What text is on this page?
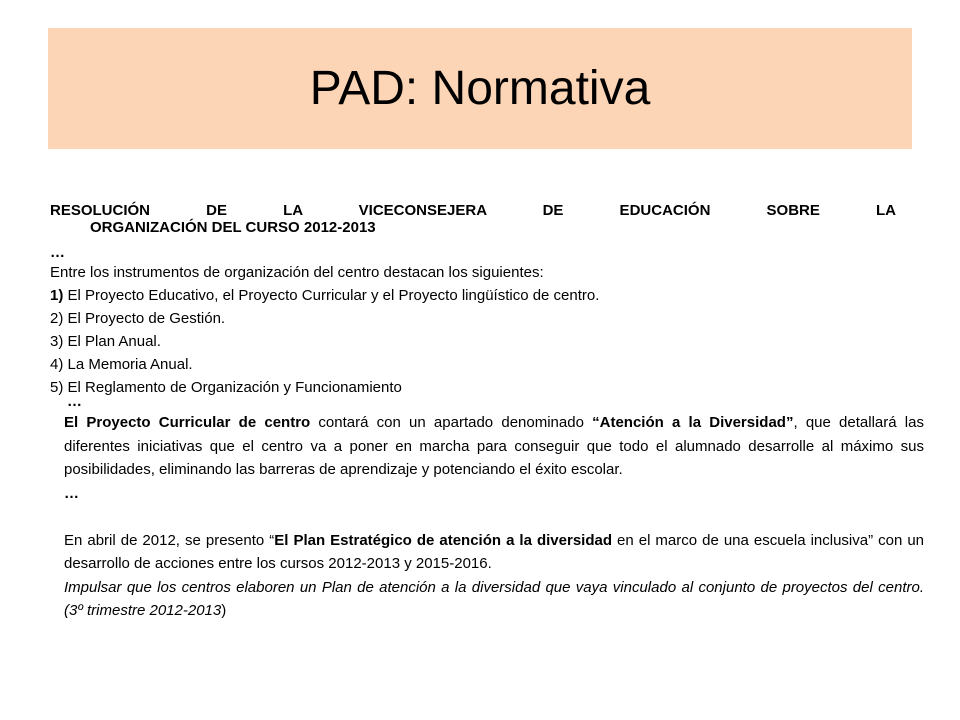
PAD: Normativa

RESOLUCIÓN DE LA VICECONSEJERA DE EDUCACIÓN SOBRE LA

ORGANIZACIÓN DEL CURSO 2012-2013

…

Entre los instrumentos de organización del centro destacan los siguientes:

1) El Proyecto Educativo, el Proyecto Curricular y el Proyecto lingüístico de centro.

2) El Proyecto de Gestión.

3) El Plan Anual.

4) La Memoria Anual.

5) El Reglamento de Organización y Funcionamiento

…

El Proyecto Curricular de centro contará con un apartado denominado “Atención a la Diversidad”, que detallará las diferentes iniciativas que el centro va a poner en marcha para conseguir que todo el alumnado desarrolle al máximo sus posibilidades, eliminando las barreras de aprendizaje y potenciando el éxito escolar.

…

En abril de 2012, se presento “El Plan Estratégico de atención a la diversidad en el marco de una escuela inclusiva” con un desarrollo de acciones entre los cursos 2012-2013 y 2015-2016.

Impulsar que los centros elaboren un Plan de atención a la diversidad que vaya vinculado al conjunto de proyectos del centro. (3º trimestre 2012-2013)
